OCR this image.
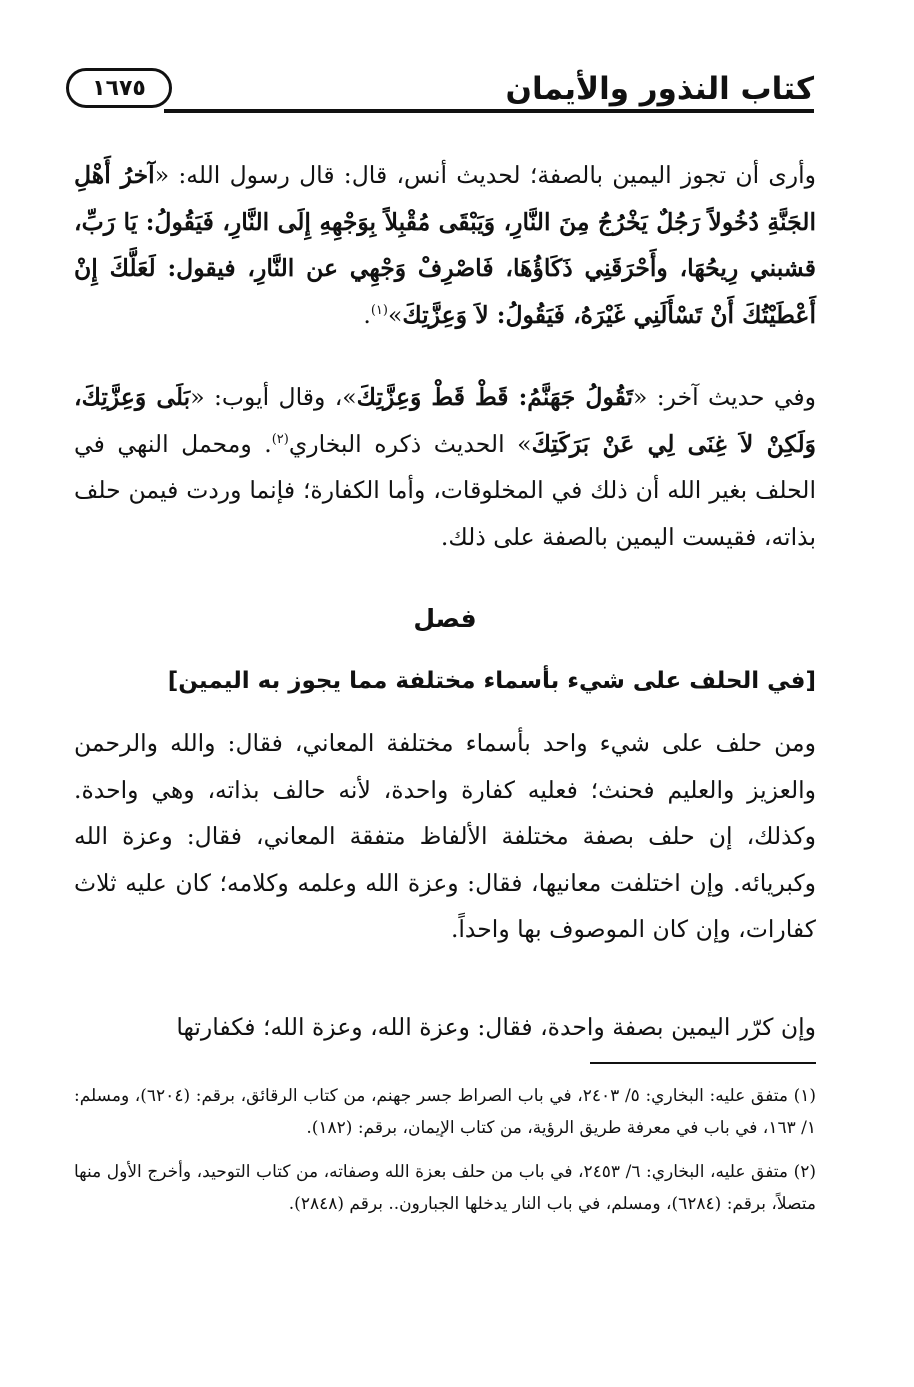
كتاب النذور والأيمان
١٦٧٥

وأرى أن تجوز اليمين بالصفة؛ لحديث أنس، قال: قال رسول الله: «آخرُ أَهْلِ الجَنَّةِ دُخُولاً رَجُلٌ يَخْرُجُ مِنَ النَّارِ، وَيَبْقَى مُقْبِلاً بِوَجْهِهِ إِلَى النَّارِ، فَيَقُولُ: يَا رَبِّ، قشبني رِيحُهَا، وأَحْرَقَنِي ذَكَاؤُهَا، فَاصْرِفْ وَجْهِي عن النَّارِ، فيقول: لَعَلَّكَ إِنْ أَعْطَيْتُكَ أَنْ تَسْأَلَنِي غَيْرَهُ، فَيَقُولُ: لاَ وَعِزَّتِكَ»$^{(١)}$.

وفي حديث آخر: «تَقُولُ جَهَنَّمُ: قَطْ قَطْ وَعِزَّتِكَ»، وقال أيوب: «بَلَى وَعِزَّتِكَ، وَلَكِنْ لاَ غِنَى لِي عَنْ بَرَكَتِكَ» الحديث ذكره البخاري$^{(٢)}$. ومحمل النهي في الحلف بغير الله أن ذلك في المخلوقات، وأما الكفارة؛ فإنما وردت فيمن حلف بذاته، فقيست اليمين بالصفة على ذلك.

فصل
[في الحلف على شيء بأسماء مختلفة مما يجوز به اليمين]

ومن حلف على شيء واحد بأسماء مختلفة المعاني، فقال: والله والرحمن والعزيز والعليم فحنث؛ فعليه كفارة واحدة، لأنه حالف بذاته، وهي واحدة. وكذلك، إن حلف بصفة مختلفة الألفاظ متفقة المعاني، فقال: وعزة الله وكبريائه. وإن اختلفت معانيها، فقال: وعزة الله وعلمه وكلامه؛ كان عليه ثلاث كفارات، وإن كان الموصوف بها واحداً.

وإن كرّر اليمين بصفة واحدة، فقال: وعزة الله، وعزة الله؛ فكفارتها

(١) متفق عليه: البخاري: ٥/ ٢٤٠٣، في باب الصراط جسر جهنم، من كتاب الرقائق، برقم: (٦٢٠٤)، ومسلم: ١/ ١٦٣، في باب في معرفة طريق الرؤية، من كتاب الإيمان، برقم: (١٨٢).

(٢) متفق عليه، البخاري: ٦/ ٢٤٥٣، في باب من حلف بعزة الله وصفاته، من كتاب التوحيد، وأخرج الأول منها متصلاً، برقم: (٦٢٨٤)، ومسلم، في باب النار يدخلها الجبارون.. برقم (٢٨٤٨).
